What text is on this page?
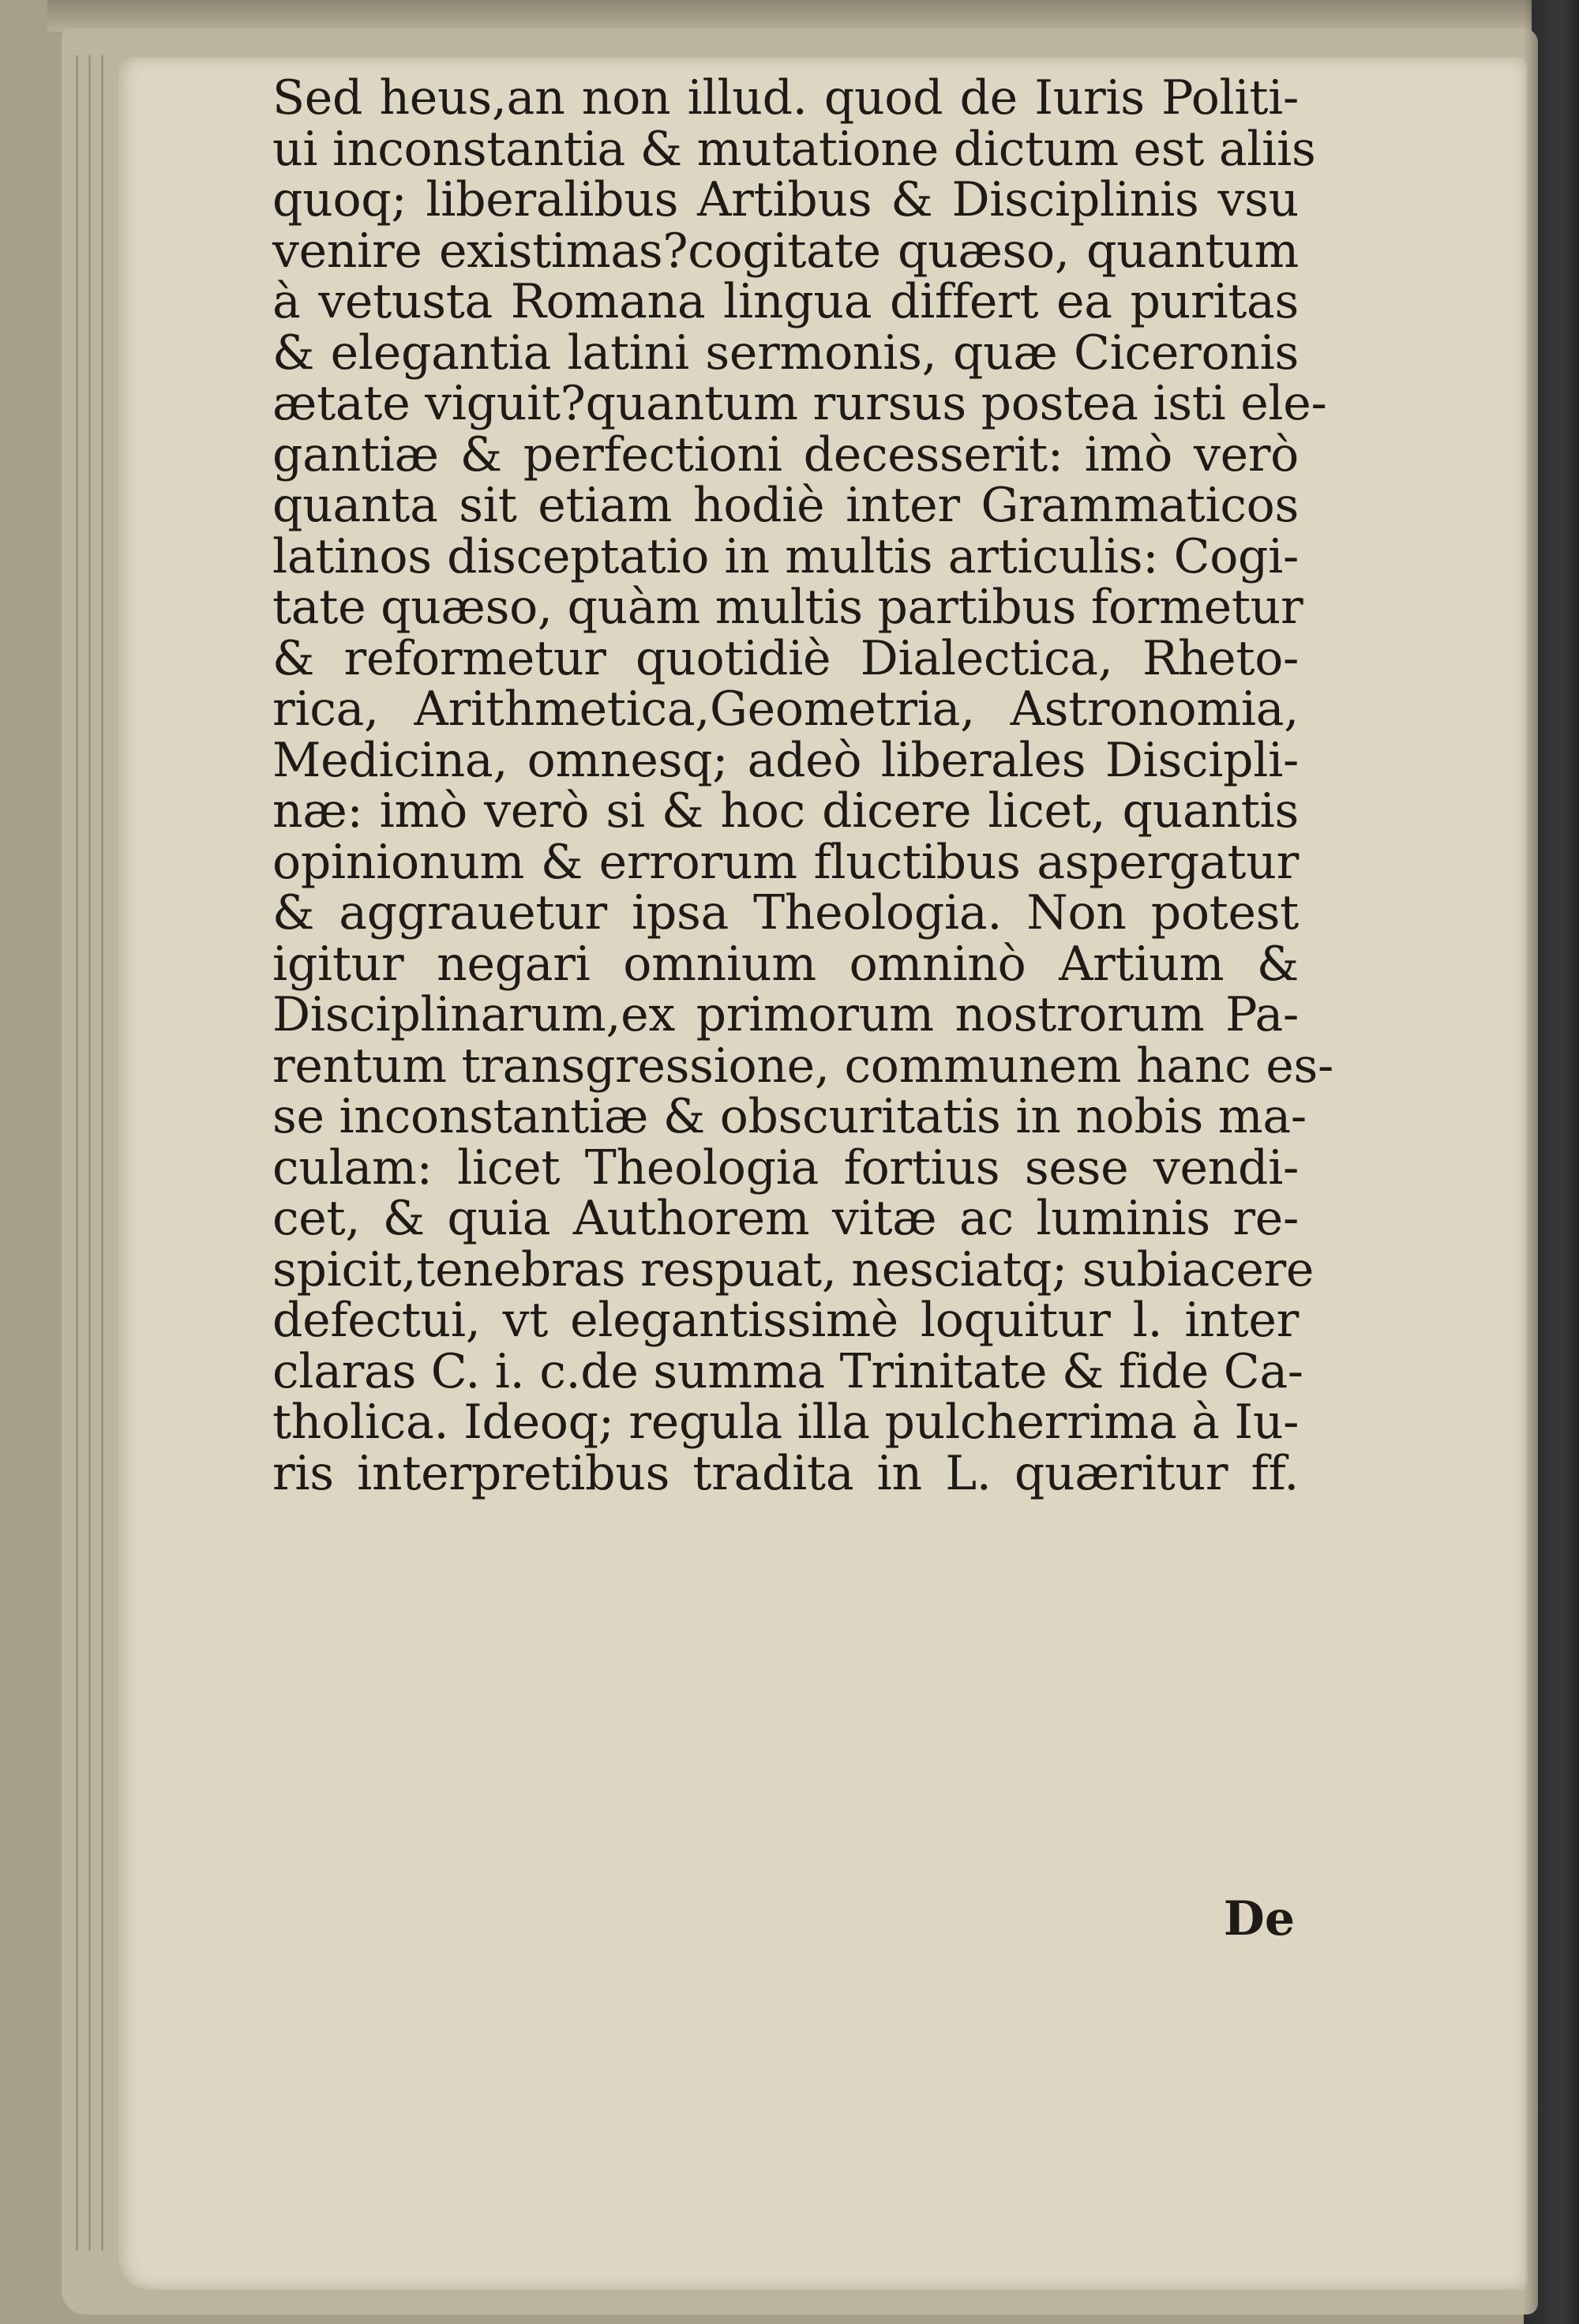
Sed heus,an non illud. quod de Iuris Politi-
ui inconstantia & mutatione dictum est aliis
quoq; liberalibus Artibus & Disciplinis vsu
venire existimas?cogitate quæso, quantum
à vetusta Romana lingua differt ea puritas
& elegantia latini sermonis, quæ Ciceronis
ætate viguit?quantum rursus postea isti ele-
gantiæ & perfectioni decesserit: imò verò
quanta sit etiam hodiè inter Grammaticos
latinos disceptatio in multis articulis: Cogi-
tate quæso, quàm multis partibus formetur
& reformetur quotidiè Dialectica, Rheto-
rica, Arithmetica,Geometria, Astronomia,
Medicina, omnesq; adeò liberales Discipli-
næ: imò verò si & hoc dicere licet, quantis
opinionum & errorum fluctibus aspergatur
& aggrauetur ipsa Theologia. Non potest
igitur negari omnium omninò Artium &
Disciplinarum,ex primorum nostrorum Pa-
rentum transgressione, communem hanc es-
se inconstantiæ & obscuritatis in nobis ma-
culam: licet Theologia fortius sese vendi-
cet, & quia Authorem vitæ ac luminis re-
spicit,tenebras respuat, nesciatq; subiacere
defectui, vt elegantissimè loquitur l. inter
claras C. i. c.de summa Trinitate & fide Ca-
tholica. Ideoq; regula illa pulcherrima à Iu-
ris interpretibus tradita in L. quæritur ff.
De
